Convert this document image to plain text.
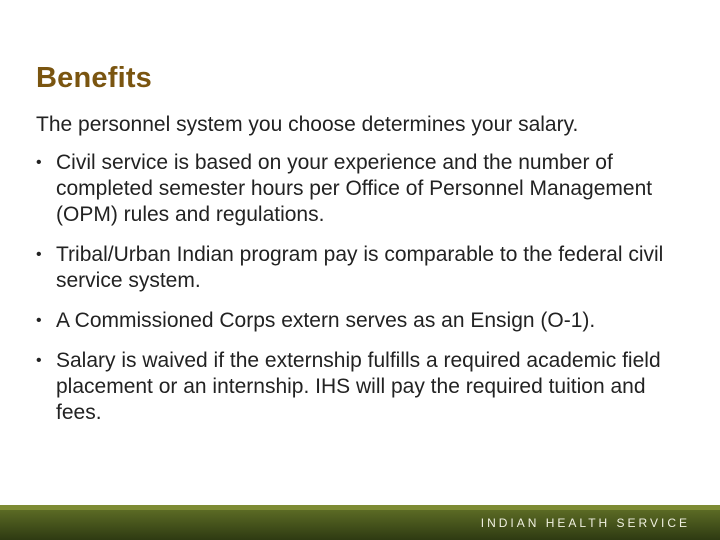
Benefits

The personnel system you choose determines your salary.

• Civil service is based on your experience and the number of completed semester hours per Office of Personnel Management (OPM) rules and regulations.
• Tribal/Urban Indian program pay is comparable to the federal civil service system.
• A Commissioned Corps extern serves as an Ensign (O-1).
• Salary is waived if the externship fulfills a required academic field placement or an internship. IHS will pay the required tuition and fees.
INDIAN HEALTH SERVICE
